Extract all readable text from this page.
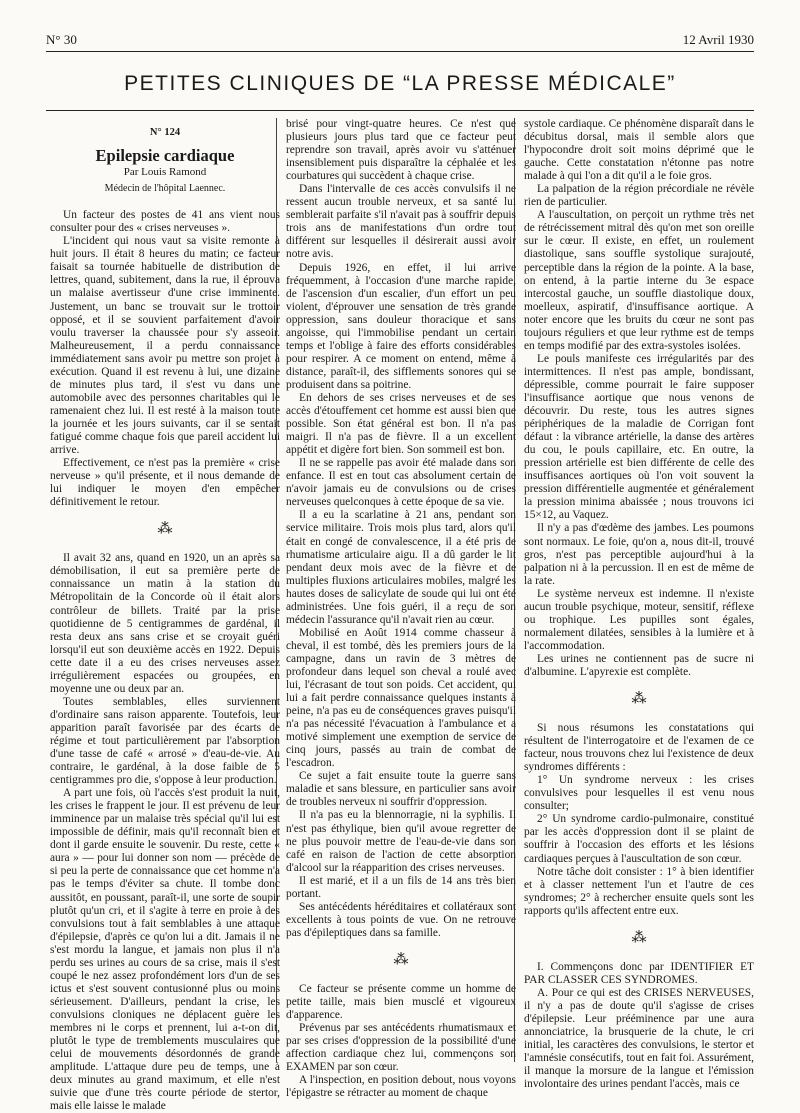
N° 30	12 Avril 1930
PETITES CLINIQUES DE “LA PRESSE MÉDICALE”
N° 124
Epilepsie cardiaque
Par Louis Ramond
Médecin de l'hôpital Laennec.

Un facteur des postes de 41 ans vient nous consulter pour des « crises nerveuses ».

L'incident qui nous vaut sa visite remonte à huit jours. Il était 8 heures du matin; ce facteur faisait sa tournée habituelle de distribution de lettres, quand, subitement, dans la rue, il éprouva un malaise avertisseur d'une crise imminente. Justement, un banc se trouvait sur le trottoir opposé, et il se souvient parfaitement d'avoir voulu traverser la chaussée pour s'y asseoir. Malheureusement, il a perdu connaissance immédiatement sans avoir pu mettre son projet à exécution. Quand il est revenu à lui, une dizaine de minutes plus tard, il s'est vu dans une automobile avec des personnes charitables qui le ramenaient chez lui. Il est resté à la maison toute la journée et les jours suivants, car il se sentait fatigué comme chaque fois que pareil accident lui arrive.

Effectivement, ce n'est pas la première « crise nerveuse » qu'il présente, et il nous demande de lui indiquer le moyen d'en empêcher définitivement le retour.

⁂

Il avait 32 ans, quand en 1920, un an après sa démobilisation, il eut sa première perte de connaissance un matin à la station du Métropolitain de la Concorde où il était alors contrôleur de billets. Traité par la prise quotidienne de 5 centigrammes de gardénal, il resta deux ans sans crise et se croyait guéri lorsqu'il eut son deuxième accès en 1922. Depuis cette date il a eu des crises nerveuses assez irrégulièrement espacées ou groupées, en moyenne une ou deux par an.

Toutes semblables, elles surviennent d'ordinaire sans raison apparente. Toutefois, leur apparition paraît favorisée par des écarts de régime et tout particulièrement par l'absorption d'une tasse de café « arrosé » d'eau-de-vie. Au contraire, le gardénal, à la dose faible de 5 centigrammes pro die, s'oppose à leur production.

A part une fois, où l'accès s'est produit la nuit, les crises le frappent le jour. Il est prévenu de leur imminence par un malaise très spécial qu'il lui est impossible de définir, mais qu'il reconnaît bien et dont il garde ensuite le souvenir. Du reste, cette « aura » — pour lui donner son nom — précède de si peu la perte de connaissance que cet homme n'a pas le temps d'éviter sa chute. Il tombe donc aussitôt, en poussant, paraît-il, une sorte de soupir plutôt qu'un cri, et il s'agite à terre en proie à des convulsions tout à fait semblables à une attaque d'épilepsie, d'après ce qu'on lui a dit. Jamais il ne s'est mordu la langue, et jamais non plus il n'a perdu ses urines au cours de sa crise, mais il s'est coupé le nez assez profondément lors d'un de ses ictus et s'est souvent contusionné plus ou moins sérieusement. D'ailleurs, pendant la crise, les convulsions cloniques ne déplacent guère les membres ni le corps et prennent, lui a-t-on dit, plutôt le type de tremblements musculaires que celui de mouvements désordonnés de grande amplitude. L'attaque dure peu de temps, une à deux minutes au grand maximum, et elle n'est suivie que d'une très courte période de stertor, mais elle laisse le malade

brisé pour vingt-quatre heures. Ce n'est que plusieurs jours plus tard que ce facteur peut reprendre son travail, après avoir vu s'atténuer insensiblement puis disparaître la céphalée et les courbatures qui succèdent à chaque crise.

Dans l'intervalle de ces accès convulsifs il ne ressent aucun trouble nerveux, et sa santé lui semblerait parfaite s'il n'avait pas à souffrir depuis trois ans de manifestations d'un ordre tout différent sur lesquelles il désirerait aussi avoir notre avis.

Depuis 1926, en effet, il lui arrive fréquemment, à l'occasion d'une marche rapide, de l'ascension d'un escalier, d'un effort un peu violent, d'éprouver une sensation de très grande oppression, sans douleur thoracique et sans angoisse, qui l'immobilise pendant un certain temps et l'oblige à faire des efforts considérables pour respirer. A ce moment on entend, même à distance, paraît-il, des sifflements sonores qui se produisent dans sa poitrine.

En dehors de ses crises nerveuses et de ses accès d'étouffement cet homme est aussi bien que possible. Son état général est bon. Il n'a pas maigri. Il n'a pas de fièvre. Il a un excellent appétit et digère fort bien. Son sommeil est bon.

Il ne se rappelle pas avoir été malade dans son enfance. Il est en tout cas absolument certain de n'avoir jamais eu de convulsions ou de crises nerveuses quelconques à cette époque de sa vie.

Il a eu la scarlatine à 21 ans, pendant son service militaire. Trois mois plus tard, alors qu'il était en congé de convalescence, il a été pris de rhumatisme articulaire aigu. Il a dû garder le lit pendant deux mois avec de la fièvre et de multiples fluxions articulaires mobiles, malgré les hautes doses de salicylate de soude qui lui ont été administrées. Une fois guéri, il a reçu de son médecin l'assurance qu'il n'avait rien au cœur.

Mobilisé en Août 1914 comme chasseur à cheval, il est tombé, dès les premiers jours de la campagne, dans un ravin de 3 mètres de profondeur dans lequel son cheval a roulé avec lui, l'écrasant de tout son poids. Cet accident, qui lui a fait perdre connaissance quelques instants à peine, n'a pas eu de conséquences graves puisqu'il n'a pas nécessité l'évacuation à l'ambulance et a motivé simplement une exemption de service de cinq jours, passés au train de combat de l'escadron.

Ce sujet a fait ensuite toute la guerre sans maladie et sans blessure, en particulier sans avoir de troubles nerveux ni souffrir d'oppression.

Il n'a pas eu la blennorragie, ni la syphilis. Il n'est pas éthylique, bien qu'il avoue regretter de ne plus pouvoir mettre de l'eau-de-vie dans son café en raison de l'action de cette absorption d'alcool sur la réapparition des crises nerveuses.

Il est marié, et il a un fils de 14 ans très bien portant.

Ses antécédents héréditaires et collatéraux sont excellents à tous points de vue. On ne retrouve pas d'épileptiques dans sa famille.

⁂

Ce facteur se présente comme un homme de petite taille, mais bien musclé et vigoureux d'apparence.

Prévenus par ses antécédents rhumatismaux et par ses crises d'oppression de la possibilité d'une affection cardiaque chez lui, commençons son EXAMEN par son cœur.

A l'inspection, en position debout, nous voyons l'épigastre se rétracter au moment de chaque

systole cardiaque. Ce phénomène disparaît dans le décubitus dorsal, mais il semble alors que l'hypocondre droit soit moins déprimé que le gauche. Cette constatation n'étonne pas notre malade à qui l'on a dit qu'il a le foie gros.

La palpation de la région précordiale ne révèle rien de particulier.

A l'auscultation, on perçoit un rythme très net de rétrécissement mitral dès qu'on met son oreille sur le cœur. Il existe, en effet, un roulement diastolique, sans souffle systolique surajouté, perceptible dans la région de la pointe. A la base, on entend, à la partie interne du 3e espace intercostal gauche, un souffle diastolique doux, moelleux, aspiratif, d'insuffisance aortique. A noter encore que les bruits du cœur ne sont pas toujours réguliers et que leur rythme est de temps en temps modifié par des extra-systoles isolées.

Le pouls manifeste ces irrégularités par des intermittences. Il n'est pas ample, bondissant, dépressible, comme pourrait le faire supposer l'insuffisance aortique que nous venons de découvrir. Du reste, tous les autres signes périphériques de la maladie de Corrigan font défaut : la vibrance artérielle, la danse des artères du cou, le pouls capillaire, etc. En outre, la pression artérielle est bien différente de celle des insuffisances aortiques où l'on voit souvent la pression différentielle augmentée et généralement la pression minima abaissée ; nous trouvons ici 15×12, au Vaquez.

Il n'y a pas d'œdème des jambes. Les poumons sont normaux. Le foie, qu'on a, nous dit-il, trouvé gros, n'est pas perceptible aujourd'hui à la palpation ni à la percussion. Il en est de même de la rate.

Le système nerveux est indemne. Il n'existe aucun trouble psychique, moteur, sensitif, réflexe ou trophique. Les pupilles sont égales, normalement dilatées, sensibles à la lumière et à l'accommodation.

Les urines ne contiennent pas de sucre ni d'albumine. L'apyrexie est complète.

⁂

Si nous résumons les constatations qui résultent de l'interrogatoire et de l'examen de ce facteur, nous trouvons chez lui l'existence de deux syndromes différents :

1° Un syndrome nerveux : les crises convulsives pour lesquelles il est venu nous consulter;

2° Un syndrome cardio-pulmonaire, constitué par les accès d'oppression dont il se plaint de souffrir à l'occasion des efforts et les lésions cardiaques perçues à l'auscultation de son cœur.

Notre tâche doit consister : 1° à bien identifier et à classer nettement l'un et l'autre de ces syndromes; 2° à rechercher ensuite quels sont les rapports qu'ils affectent entre eux.

⁂

I. Commençons donc par IDENTIFIER ET PAR CLASSER CES SYNDROMES.

A. Pour ce qui est des CRISES NERVEUSES, il n'y a pas de doute qu'il s'agisse de crises d'épilepsie. Leur prééminence par une aura annonciatrice, la brusquerie de la chute, le cri initial, les caractères des convulsions, le stertor et l'amnésie consécutifs, tout en fait foi. Assurément, il manque la morsure de la langue et l'émission involontaire des urines pendant l'accès, mais ce
